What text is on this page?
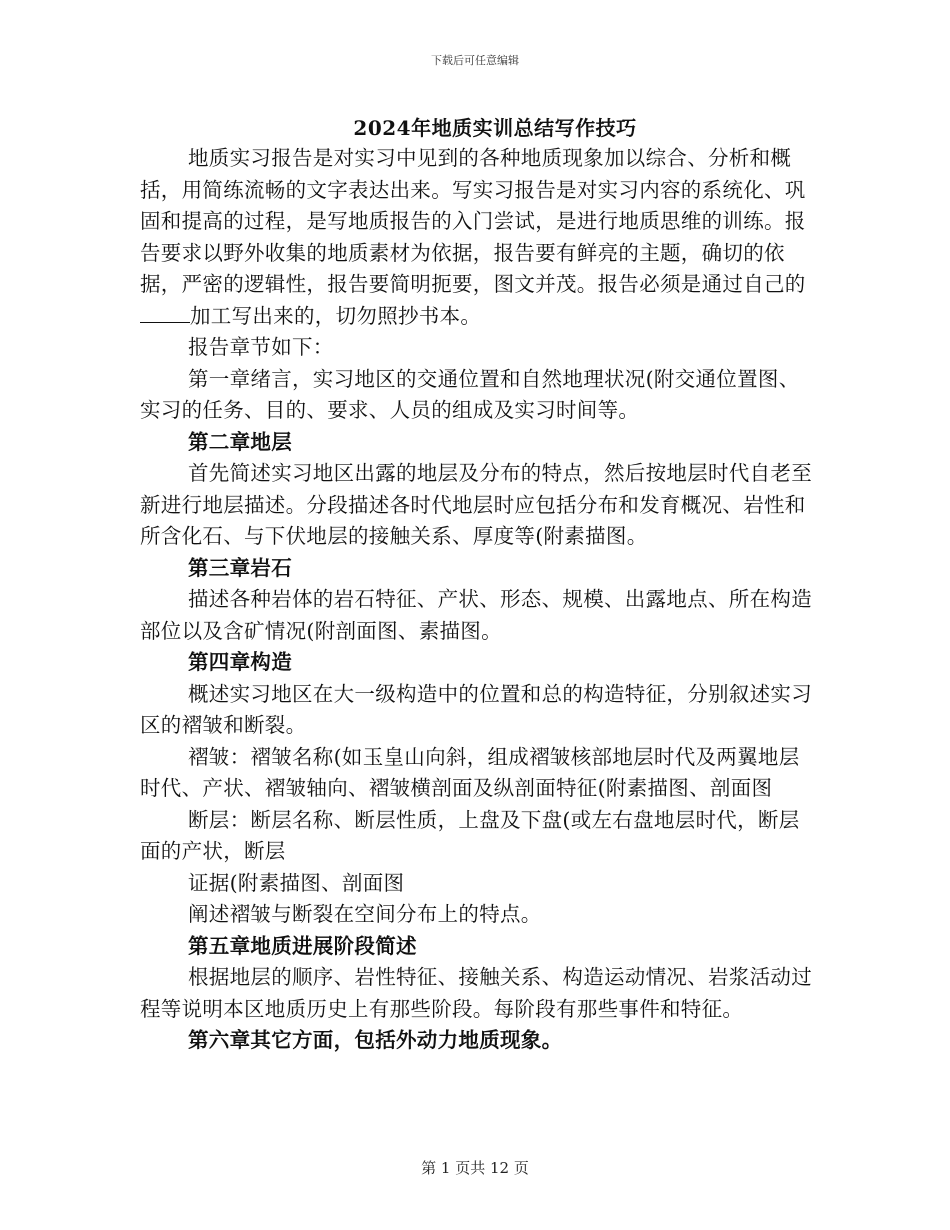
下载后可任意编辑
2024年地质实训总结写作技巧

地质实习报告是对实习中见到的各种地质现象加以综合、分析和概括，用简练流畅的文字表达出来。写实习报告是对实习内容的系统化、巩固和提高的过程，是写地质报告的入门尝试，是进行地质思维的训练。报告要求以野外收集的地质素材为依据，报告要有鲜亮的主题，确切的依据，严密的逻辑性，报告要简明扼要，图文并茂。报告必须是通过自己的加工写出来的，切勿照抄书本。

报告章节如下：

第一章绪言，实习地区的交通位置和自然地理状况(附交通位置图、实习的任务、目的、要求、人员的组成及实习时间等。

第二章地层

首先简述实习地区出露的地层及分布的特点，然后按地层时代自老至新进行地层描述。分段描述各时代地层时应包括分布和发育概况、岩性和所含化石、与下伏地层的接触关系、厚度等(附素描图。

第三章岩石

描述各种岩体的岩石特征、产状、形态、规模、出露地点、所在构造部位以及含矿情况(附剖面图、素描图。

第四章构造

概述实习地区在大一级构造中的位置和总的构造特征，分别叙述实习区的褶皱和断裂。

褶皱：褶皱名称(如玉皇山向斜，组成褶皱核部地层时代及两翼地层时代、产状、褶皱轴向、褶皱横剖面及纵剖面特征(附素描图、剖面图

断层：断层名称、断层性质，上盘及下盘(或左右盘地层时代，断层面的产状，断层

证据(附素描图、剖面图

阐述褶皱与断裂在空间分布上的特点。

第五章地质进展阶段简述

根据地层的顺序、岩性特征、接触关系、构造运动情况、岩浆活动过程等说明本区地质历史上有那些阶段。每阶段有那些事件和特征。

第六章其它方面，包括外动力地质现象。

第 1 页共 12 页
